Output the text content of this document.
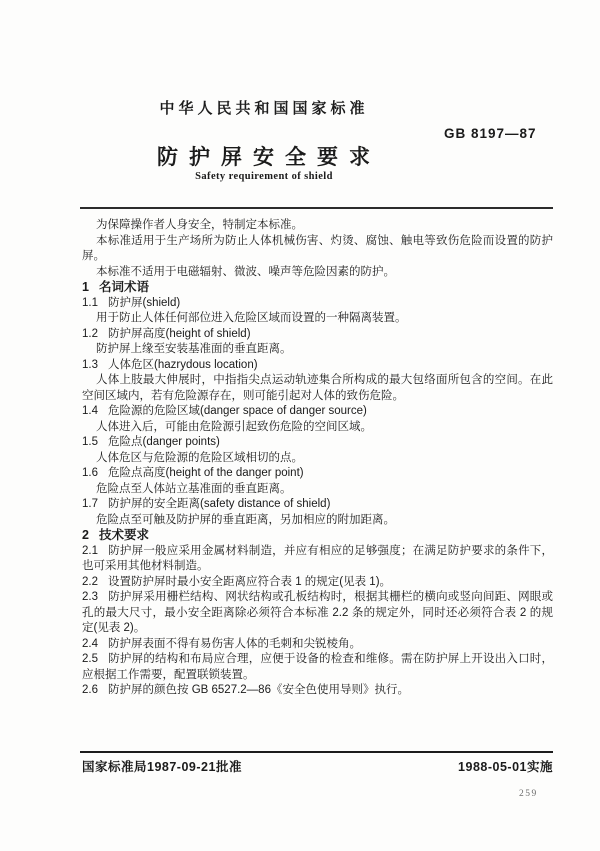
中华人民共和国国家标准
GB 8197—87
防护屏安全要求
Safety requirement of shield

为保障操作者人身安全，特制定本标准。

本标准适用于生产场所为防止人体机械伤害、灼烫、腐蚀、触电等致伤危险而设置的防护屏。

本标准不适用于电磁辐射、微波、噪声等危险因素的防护。

1 名词术语

1.1 防护屏(shield)

用于防止人体任何部位进入危险区域而设置的一种隔离装置。

1.2 防护屏高度(height of shield)

防护屏上缘至安装基准面的垂直距离。

1.3 人体危区(hazrydous location)

人体上肢最大伸展时，中指指尖点运动轨迹集合所构成的最大包络面所包含的空间。在此空间区域内，若有危险源存在，则可能引起对人体的致伤危险。

1.4 危险源的危险区域(danger space of danger source)

人体进入后，可能由危险源引起致伤危险的空间区域。

1.5 危险点(danger points)

人体危区与危险源的危险区域相切的点。

1.6 危险点高度(height of the danger point)

危险点至人体站立基准面的垂直距离。

1.7 防护屏的安全距离(safety distance of shield)

危险点至可触及防护屏的垂直距离，另加相应的附加距离。

2 技术要求

2.1 防护屏一般应采用金属材料制造，并应有相应的足够强度；在满足防护要求的条件下，也可采用其他材料制造。

2.2 设置防护屏时最小安全距离应符合表 1 的规定(见表 1)。

2.3 防护屏采用栅栏结构、网状结构或孔板结构时，根据其栅栏的横向或竖向间距、网眼或孔的最大尺寸，最小安全距离除必须符合本标准 2.2 条的规定外，同时还必须符合表 2 的规定(见表 2)。

2.4 防护屏表面不得有易伤害人体的毛刺和尖锐棱角。

2.5 防护屏的结构和布局应合理，应便于设备的检查和维修。需在防护屏上开设出入口时，应根据工作需要，配置联锁装置。

2.6 防护屏的颜色按 GB 6527.2—86《安全色使用导则》执行。

国家标准局1987-09-21批准	1988-05-01实施
259
